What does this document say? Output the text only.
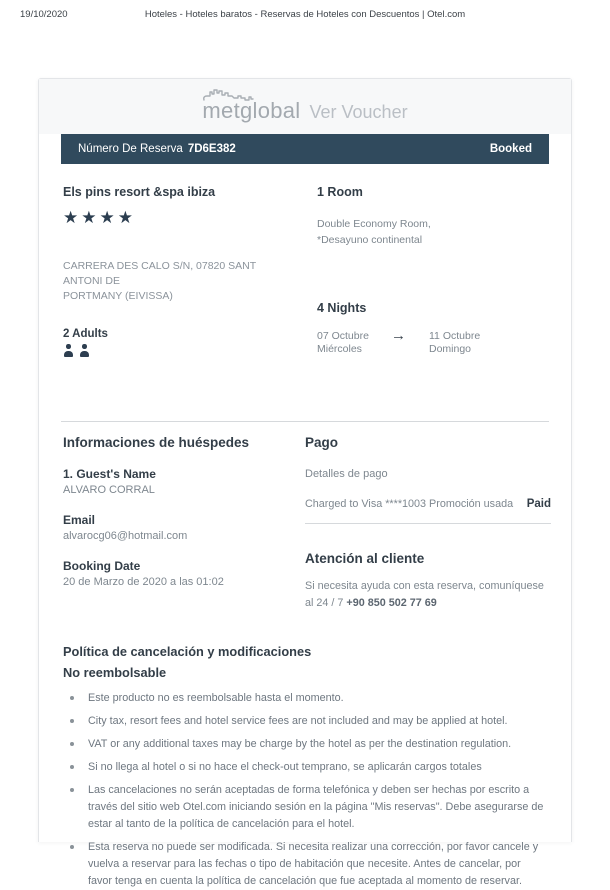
19/10/2020	Hoteles - Hoteles baratos - Reservas de Hoteles con Descuentos | Otel.com
metglobal Ver Voucher
Número De Reserva 7D6E382	Booked
Els pins resort &spa ibiza
★★★★
CARRERA DES CALO S/N, 07820 SANT ANTONI DE
PORTMANY (EIVISSA)
2 Adults
1 Room
Double Economy Room,
*Desayuno continental
4 Nights
07 Octubre	→	11 Octubre
Miércoles	Domingo
Informaciones de huéspedes
1. Guest's Name
ALVARO CORRAL
Email
alvarocg06@hotmail.com
Booking Date
20 de Marzo de 2020 a las 01:02
Pago
Detalles de pago
Charged to Visa ****1003 Promoción usada Paid
Atención al cliente
Si necesita ayuda con esta reserva, comuníquese al 24 / 7 +90 850 502 77 69
Política de cancelación y modificaciones
No reembolsable
Este producto no es reembolsable hasta el momento.
City tax, resort fees and hotel service fees are not included and may be applied at hotel.
VAT or any additional taxes may be charge by the hotel as per the destination regulation.
Si no llega al hotel o si no hace el check-out temprano, se aplicarán cargos totales
Las cancelaciones no serán aceptadas de forma telefónica y deben ser hechas por escrito a través del sitio web Otel.com iniciando sesión en la página "Mis reservas". Debe asegurarse de estar al tanto de la política de cancelación para el hotel.
Esta reserva no puede ser modificada. Si necesita realizar una corrección, por favor cancele y vuelva a reservar para las fechas o tipo de habitación que necesite. Antes de cancelar, por favor tenga en cuenta la política de cancelación que fue aceptada al momento de reservar.
